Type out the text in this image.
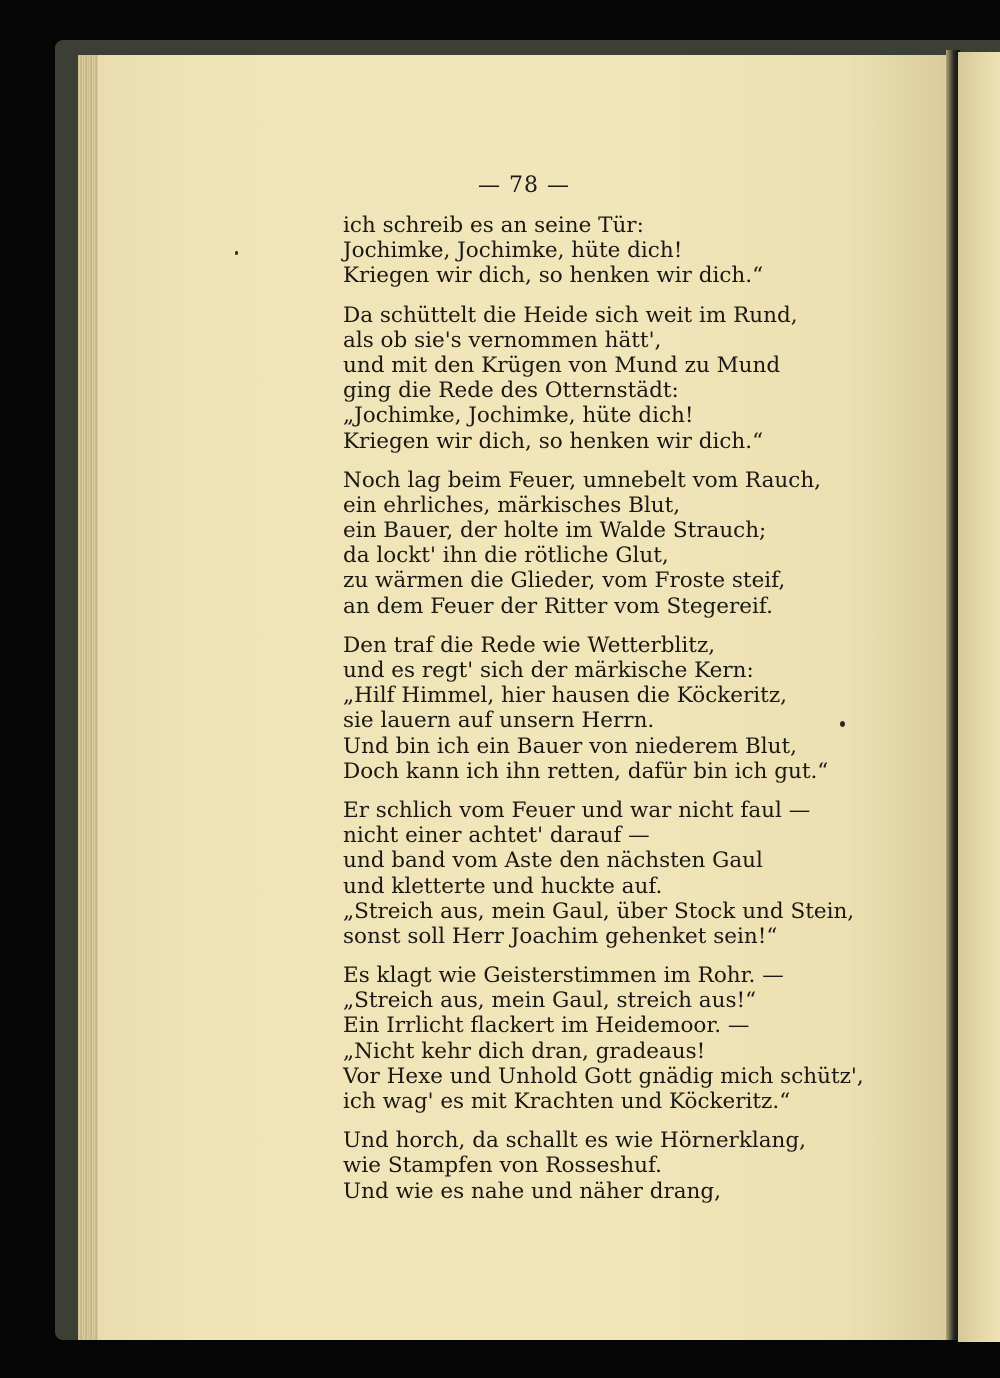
— 78 —
ich schreib es an seine Tür:
Jochimke, Jochimke, hüte dich!
Kriegen wir dich, so henken wir dich.“
Da schüttelt die Heide sich weit im Rund,
als ob sie's vernommen hätt',
und mit den Krügen von Mund zu Mund
ging die Rede des Otternstädt:
„Jochimke, Jochimke, hüte dich!
Kriegen wir dich, so henken wir dich.“
Noch lag beim Feuer, umnebelt vom Rauch,
ein ehrliches, märkisches Blut,
ein Bauer, der holte im Walde Strauch;
da lockt' ihn die rötliche Glut,
zu wärmen die Glieder, vom Froste steif,
an dem Feuer der Ritter vom Stegereif.
Den traf die Rede wie Wetterblitz,
und es regt' sich der märkische Kern:
„Hilf Himmel, hier hausen die Köckeritz,
sie lauern auf unsern Herrn.
Und bin ich ein Bauer von niederem Blut,
Doch kann ich ihn retten, dafür bin ich gut.“
Er schlich vom Feuer und war nicht faul —
nicht einer achtet' darauf —
und band vom Aste den nächsten Gaul
und kletterte und huckte auf.
„Streich aus, mein Gaul, über Stock und Stein,
sonst soll Herr Joachim gehenket sein!“
Es klagt wie Geisterstimmen im Rohr. —
„Streich aus, mein Gaul, streich aus!“
Ein Irrlicht flackert im Heidemoor. —
„Nicht kehr dich dran, gradeaus!
Vor Hexe und Unhold Gott gnädig mich schütz',
ich wag' es mit Krachten und Köckeritz.“
Und horch, da schallt es wie Hörnerklang,
wie Stampfen von Rosseshuf.
Und wie es nahe und näher drang,
